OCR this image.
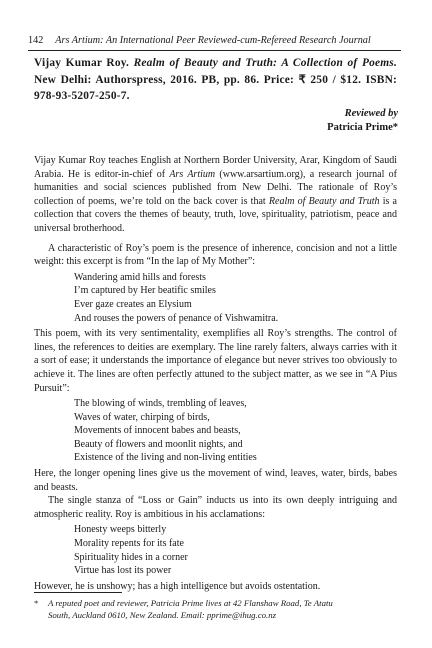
142 Ars Artium: An International Peer Reviewed-cum-Refereed Research Journal
Vijay Kumar Roy. Realm of Beauty and Truth: A Collection of Poems. New Delhi: Authorspress, 2016. PB, pp. 86. Price: ₹ 250 / $12. ISBN: 978-93-5207-250-7.
Reviewed by
Patricia Prime*

Vijay Kumar Roy teaches English at Northern Border University, Arar, Kingdom of Saudi Arabia. He is editor-in-chief of Ars Artium (www.arsartium.org), a research journal of humanities and social sciences published from New Delhi. The rationale of Roy’s collection of poems, we’re told on the back cover is that Realm of Beauty and Truth is a collection that covers the themes of beauty, truth, love, spirituality, patriotism, peace and universal brotherhood.

A characteristic of Roy’s poem is the presence of inherence, concision and not a little weight: this excerpt is from “In the lap of My Mother”:

Wandering amid hills and forests
I’m captured by Her beatific smiles
Ever gaze creates an Elysium
And rouses the powers of penance of Vishwamitra.

This poem, with its very sentimentality, exemplifies all Roy’s strengths. The control of lines, the references to deities are exemplary. The line rarely falters, always carries with it a sort of ease; it understands the importance of elegance but never strives too obviously to achieve it. The lines are often perfectly attuned to the subject matter, as we see in “A Pius Pursuit”:

The blowing of winds, trembling of leaves,
Waves of water, chirping of birds,
Movements of innocent babes and beasts,
Beauty of flowers and moonlit nights, and
Existence of the living and non-living entities

Here, the longer opening lines give us the movement of wind, leaves, water, birds, babes and beasts.

The single stanza of “Loss or Gain” inducts us into its own deeply intriguing and atmospheric reality. Roy is ambitious in his acclamations:

Honesty weeps bitterly
Morality repents for its fate
Spirituality hides in a corner
Virtue has lost its power

However, he is unshowy; has a high intelligence but avoids ostentation.

* A reputed poet and reviewer, Patricia Prime lives at 42 Flanshaw Road, Te Atatu
South, Auckland 0610, New Zealand. Email: pprime@ihug.co.nz
